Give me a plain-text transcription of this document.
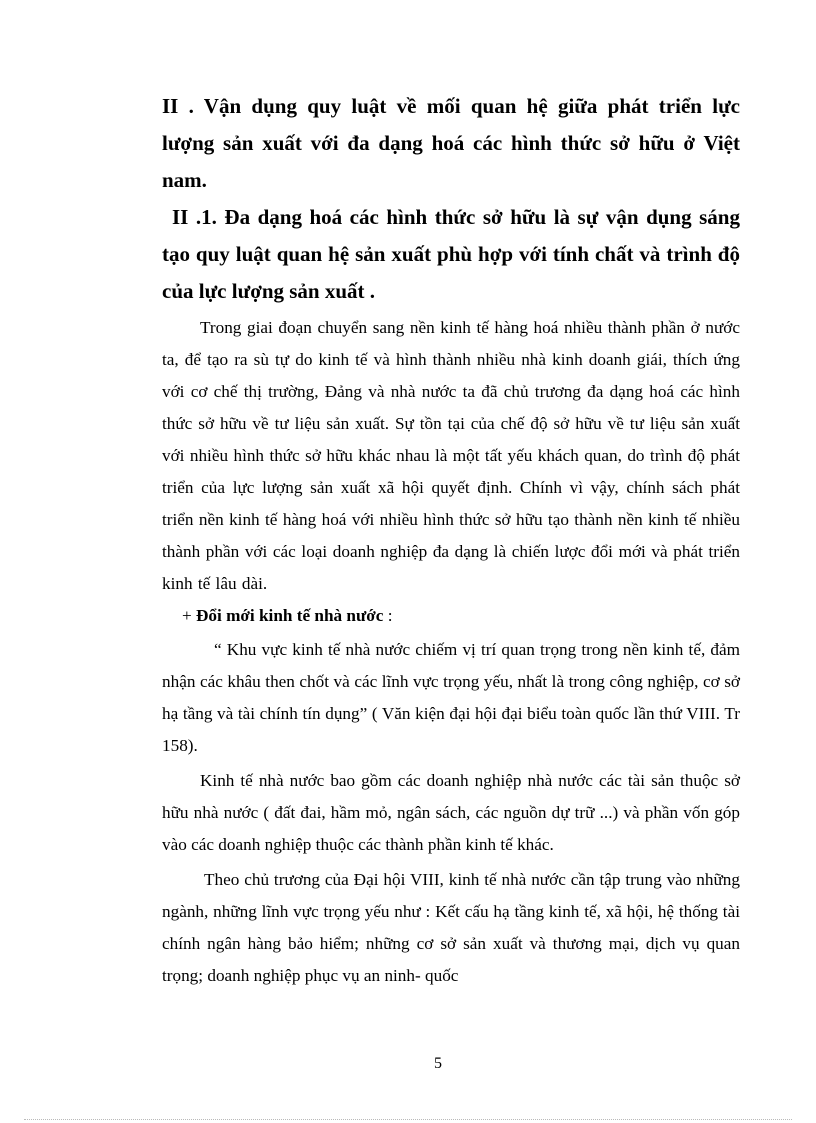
II . Vận dụng quy luật về mối quan hệ giữa phát triển lực lượng sản xuất với đa dạng hoá các hình thức sở hữu ở Việt nam.

II .1. Đa dạng hoá các hình thức sở hữu là sự vận dụng sáng tạo quy luật quan hệ sản xuất phù hợp với tính chất và trình độ của lực lượng sản xuất .

Trong giai đoạn chuyển sang nền kinh tế hàng hoá nhiều thành phần ở nước ta, để tạo ra sù tự do kinh tế và hình thành nhiều nhà kinh doanh giái, thích ứng với cơ chế thị trường, Đảng và nhà nước ta đã chủ trương đa dạng hoá các hình thức sở hữu về tư liệu sản xuất. Sự tồn tại của chế độ sở hữu về tư liệu sản xuất với nhiều hình thức sở hữu khác nhau là một tất yếu khách quan, do trình độ phát triển của lực lượng sản xuất xã hội quyết định. Chính vì vậy, chính sách phát triển nền kinh tế hàng hoá với nhiều hình thức sở hữu tạo thành nền kinh tế nhiều thành phần với các loại doanh nghiệp đa dạng là chiến lược đổi mới và phát triển kinh tế lâu dài.

+ Đổi mới kinh tế nhà nước :

“ Khu vực kinh tế nhà nước chiếm vị trí quan trọng trong nền kinh tế, đảm nhận các khâu then chốt và các lĩnh vực trọng yếu, nhất là trong công nghiệp, cơ sở hạ tầng và tài chính tín dụng” ( Văn kiện đại hội đại biểu toàn quốc lần thứ VIII. Tr 158).

Kinh tế nhà nước bao gồm các doanh nghiệp nhà nước các tài sản thuộc sở hữu nhà nước ( đất đai, hầm mỏ, ngân sách, các nguồn dự trữ ...) và phần vốn góp vào các doanh nghiệp thuộc các thành phần kinh tế khác.

Theo chủ trương của Đại hội VIII, kinh tế nhà nước cần tập trung vào những ngành, những lĩnh vực trọng yếu như : Kết cấu hạ tầng kinh tế, xã hội, hệ thống tài chính ngân hàng bảo hiểm; những cơ sở sản xuất và thương mại, dịch vụ quan trọng; doanh nghiệp phục vụ an ninh- quốc

5
